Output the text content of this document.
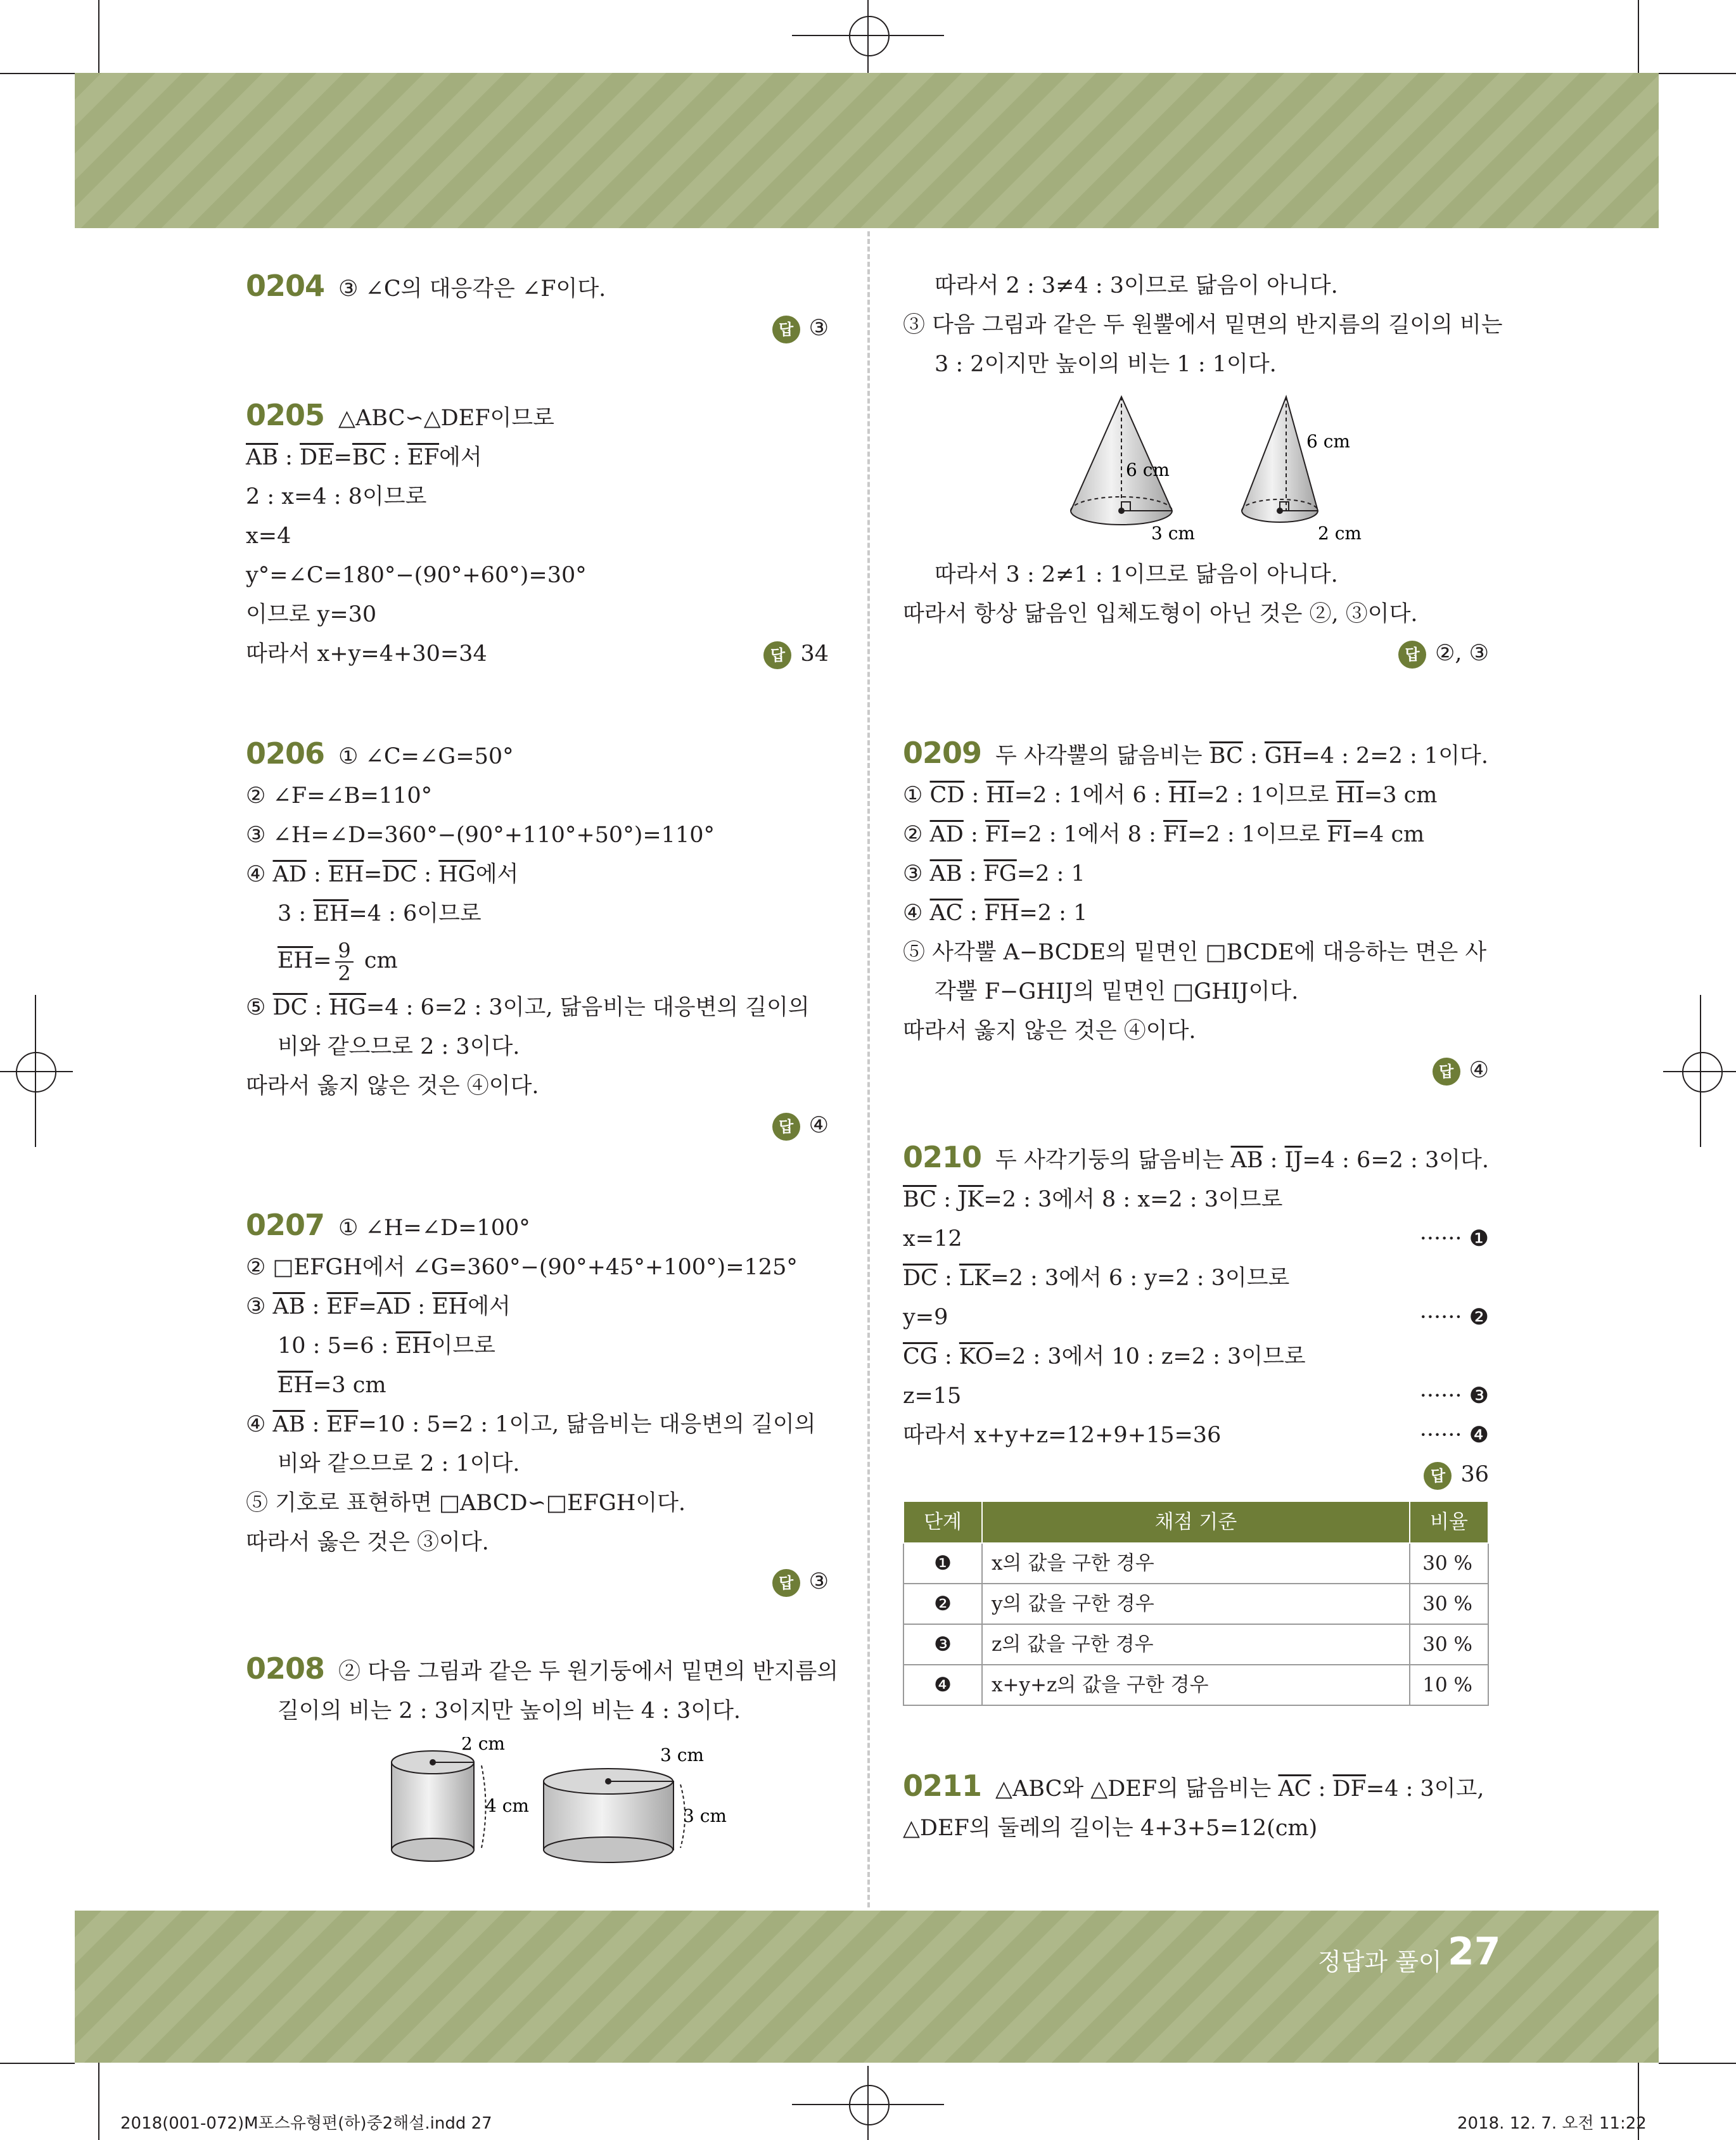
0204 ③ ∠C의 대응각은 ∠F이다.
답 ③
0205 △ABC∽△DEF이므로
$\overline{AB}$ : $\overline{DE}=\overline{BC}$ : $\overline{EF}$에서
2 : x=4 : 8이므로
x=4
y°=∠C=180°−(90°+60°)=30°
이므로 y=30
따라서 x+y=4+30=34	답 34
0206 ① ∠C=∠G=50°
② ∠F=∠B=110°
③ ∠H=∠D=360°−(90°+110°+50°)=110°
④ $\overline{AD}$ : $\overline{EH}=\overline{DC}$ : $\overline{HG}$에서
3 : $\overline{EH}=4$ : 6이므로
$\overline{EH}= \frac{9}{2}$ cm
⑤ $\overline{DC}$ : $\overline{HG}=4$ : 6=2 : 3이고, 닮음비는 대응변의 길이의
비와 같으므로 2 : 3이다.
따라서 옳지 않은 것은 ④이다.
답 ④
0207 ① ∠H=∠D=100°
② □EFGH에서 ∠G=360°−(90°+45°+100°)=125°
③ $\overline{AB}$ : $\overline{EF}=\overline{AD}$ : $\overline{EH}$에서
10 : 5=6 : $\overline{EH}$이므로
$\overline{EH}=3$ cm
④ $\overline{AB}$ : $\overline{EF}=10$ : 5=2 : 1이고, 닮음비는 대응변의 길이의
비와 같으므로 2 : 1이다.
⑤ 기호로 표현하면 □ABCD∽□EFGH이다.
따라서 옳은 것은 ③이다.
답 ③
0208 ② 다음 그림과 같은 두 원기둥에서 밑면의 반지름의
길이의 비는 2 : 3이지만 높이의 비는 4 : 3이다.
2 cm
4 cm
3 cm
3 cm
따라서 2 : 3≠4 : 3이므로 닮음이 아니다.
③ 다음 그림과 같은 두 원뿔에서 밑면의 반지름의 길이의 비는
3 : 2이지만 높이의 비는 1 : 1이다.
6 cm
3 cm
6 cm
2 cm
따라서 3 : 2≠1 : 1이므로 닮음이 아니다.
따라서 항상 닮음인 입체도형이 아닌 것은 ②, ③이다.
답 ②, ③
0209 두 사각뿔의 닮음비는 $\overline{BC}$ : $\overline{GH}=4$ : 2=2 : 1이다.
① $\overline{CD}$ : $\overline{HI}=2$ : 1에서 6 : $\overline{HI}=2$ : 1이므로 $\overline{HI}=3$ cm
② $\overline{AD}$ : $\overline{FI}=2$ : 1에서 8 : $\overline{FI}=2$ : 1이므로 $\overline{FI}=4$ cm
③ $\overline{AB}$ : $\overline{FG}=2$ : 1
④ $\overline{AC}$ : $\overline{FH}=2$ : 1
⑤ 사각뿔 A−BCDE의 밑면인 □BCDE에 대응하는 면은 사
각뿔 F−GHIJ의 밑면인 □GHIJ이다.
따라서 옳지 않은 것은 ④이다.
답 ④
0210 두 사각기둥의 닮음비는 $\overline{AB}$ : $\overline{IJ}=4$ : 6=2 : 3이다.
$\overline{BC}$ : $\overline{JK}=2$ : 3에서 8 : x=2 : 3이므로
x=12	······ ❶
$\overline{DC}$ : $\overline{LK}=2$ : 3에서 6 : y=2 : 3이므로
y=9	······ ❷
$\overline{CG}$ : $\overline{KO}=2$ : 3에서 10 : z=2 : 3이므로
z=15	······ ❸
따라서 x+y+z=12+9+15=36	······ ❹
답 36
단계	채점 기준	비율
❶	x의 값을 구한 경우	30 %
❷	y의 값을 구한 경우	30 %
❸	z의 값을 구한 경우	30 %
❹	x+y+z의 값을 구한 경우	10 %
0211 △ABC와 △DEF의 닮음비는 $\overline{AC}$ : $\overline{DF}=4$ : 3이고,
△DEF의 둘레의 길이는 4+3+5=12(cm)
정답과 풀이 27
2018(001-072)M포스유형편(하)중2해설.indd 27	2018. 12. 7. 오전 11:22
